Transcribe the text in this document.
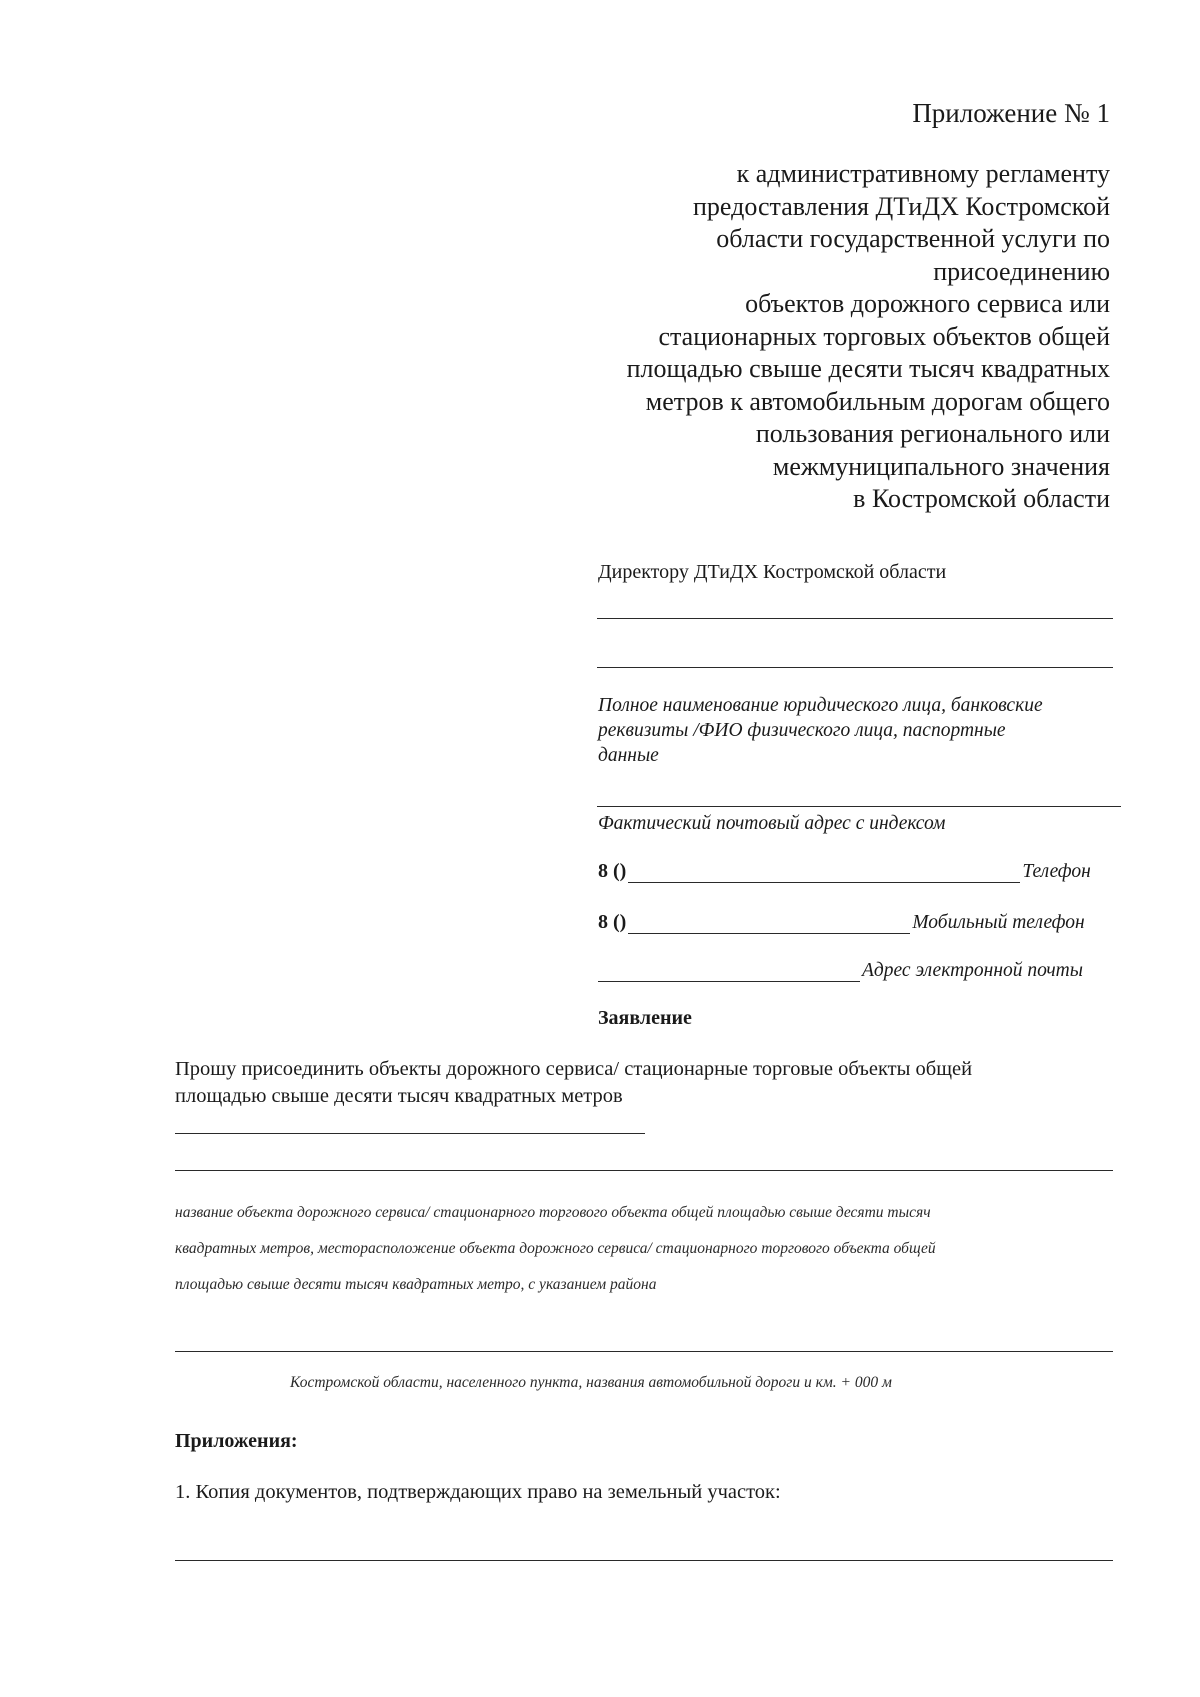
Приложение № 1
к административному регламенту
предоставления ДТиДХ Костромской
области государственной услуги по
присоединению
объектов дорожного сервиса или
стационарных торговых объектов общей
площадью свыше десяти тысяч квадратных
метров к автомобильным дорогам общего
пользования регионального или
межмуниципального значения
в Костромской области
Директору ДТиДХ Костромской области
Полное наименование юридического лица, банковские
реквизиты /ФИО физического лица, паспортные
данные
Фактический почтовый адрес с индексом
8 ()	Телефон
8 ()	Мобильный телефон
Адрес электронной почты
Заявление
Прошу присоединить объекты дорожного сервиса/ стационарные торговые объекты общей
площадью свыше десяти тысяч квадратных метров
название объекта дорожного сервиса/ стационарного торгового объекта общей площадью свыше десяти тысяч
квадратных метров, месторасположение объекта дорожного сервиса/ стационарного торгового объекта общей
площадью свыше десяти тысяч квадратных метро, с указанием района
Костромской области, населенного пункта, названия автомобильной дороги и км. + 000 м
Приложения:
1. Копия документов, подтверждающих право на земельный участок:
